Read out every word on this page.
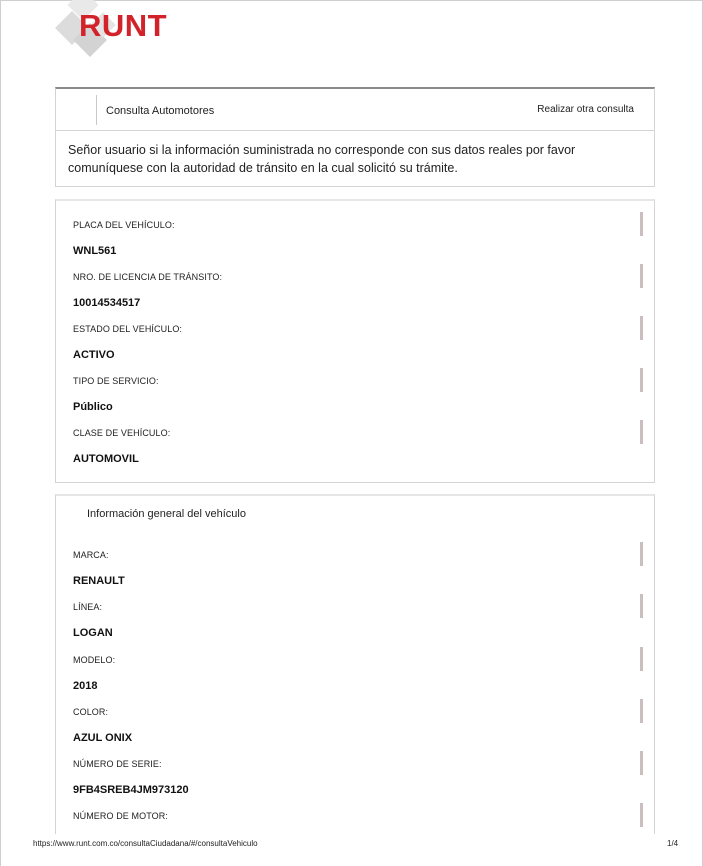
RUNT
Consulta Automotores	Realizar otra consulta
Señor usuario si la información suministrada no corresponde con sus datos reales por favor comuníquese con la autoridad de tránsito en la cual solicitó su trámite.
PLACA DEL VEHÍCULO:
WNL561
NRO. DE LICENCIA DE TRÁNSITO:
10014534517
ESTADO DEL VEHÍCULO:
ACTIVO
TIPO DE SERVICIO:
Público
CLASE DE VEHÍCULO:
AUTOMOVIL
Información general del vehículo
MARCA:
RENAULT
LÍNEA:
LOGAN
MODELO:
2018
COLOR:
AZUL ONIX
NÚMERO DE SERIE:
9FB4SREB4JM973120
NÚMERO DE MOTOR:
https://www.runt.com.co/consultaCiudadana/#/consultaVehiculo	1/4
